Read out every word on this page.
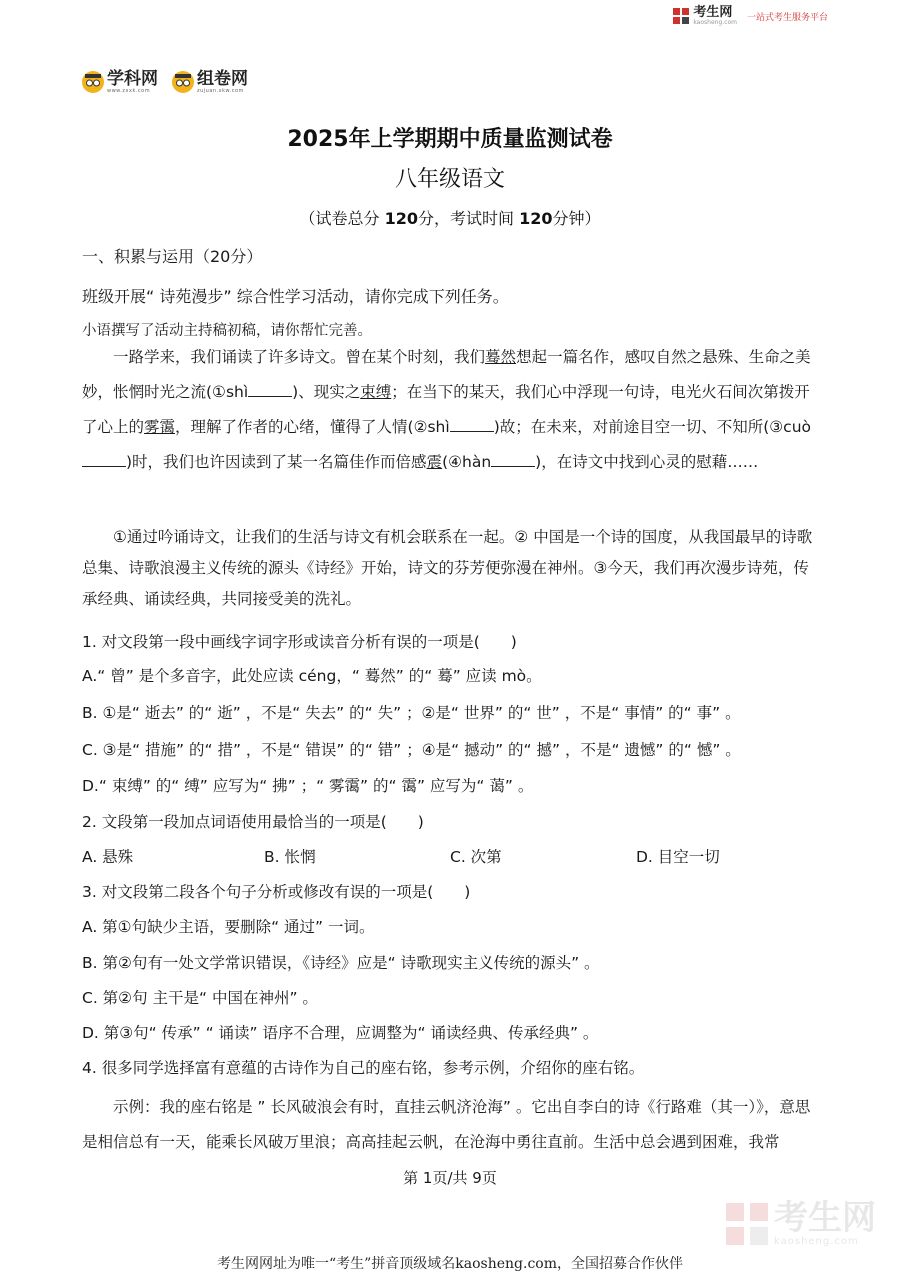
考生网
kaosheng.com 一站式考生服务平台
学科网
www.zxxk.com
组卷网
zujuan.xkw.com
2025年上学期期中质量监测试卷
八年级语文
（试卷总分 120分，考试时间 120分钟）
一、积累与运用（20分）
班级开展“ 诗苑漫步” 综合性学习活动，请你完成下列任务。
小语撰写了活动主持稿初稿，请你帮忙完善。
一路学来，我们诵读了许多诗文。曾在某个时刻，我们蓦然想起一篇名作，感叹自然之悬殊、生命之美妙，怅惘时光之流(①shì	)、现实之束缚；在当下的某天，我们心中浮现一句诗，电光火石间次第拨开了心上的雾霭，理解了作者的心绪，懂得了人情(②shì	)故；在未来，对前途目空一切、不知所(③cuò)时，我们也许因读到了某一名篇佳作而倍感震(④hàn	)，在诗文中找到心灵的慰藉……
①通过吟诵诗文，让我们的生活与诗文有机会联系在一起。② 中国是一个诗的国度，从我国最早的诗歌总集、诗歌浪漫主义传统的源头《诗经》开始，诗文的芬芳便弥漫在神州。③今天，我们再次漫步诗苑，传承经典、诵读经典，共同接受美的洗礼。
1. 对文段第一段中画线字词字形或读音分析有误的一项是(　　)
A.“ 曾” 是个多音字，此处应读 céng，“ 蓦然” 的“ 蓦” 应读 mò。
B. ①是“ 逝去” 的“ 逝” ，不是“ 失去” 的“ 失” ；②是“ 世界” 的“ 世” ，不是“ 事情” 的“ 事” 。
C. ③是“ 措施” 的“ 措” ，不是“ 错误” 的“ 错” ；④是“ 撼动” 的“ 撼” ，不是“ 遗憾” 的“ 憾” 。
D.“ 束缚” 的“ 缚” 应写为“ 拂” ；“ 雾霭” 的“ 霭” 应写为“ 蔼” 。
2. 文段第一段加点词语使用最恰当的一项是(　　)
A. 悬殊	B. 怅惘	C. 次第	D. 目空一切
3. 对文段第二段各个句子分析或修改有误的一项是(　　)
A. 第①句缺少主语，要删除“ 通过” 一词。
B. 第②句有一处文学常识错误，《诗经》应是“ 诗歌现实主义传统的源头” 。
C. 第②句 主干是“ 中国在神州” 。
D. 第③句“ 传承” “ 诵读” 语序不合理，应调整为“ 诵读经典、传承经典” 。
4. 很多同学选择富有意蕴的古诗作为自己的座右铭，参考示例，介绍你的座右铭。
示例：我的座右铭是 ” 长风破浪会有时，直挂云帆济沧海” 。它出自李白的诗《行路难（其一）》，意思是相信总有一天，能乘长风破万里浪；高高挂起云帆，在沧海中勇往直前。生活中总会遇到困难，我常
第 1页/共 9页
考生网
kaosheng.com
考生网网址为唯一“考生”拼音顶级域名kaosheng.com，全国招募合作伙伴
